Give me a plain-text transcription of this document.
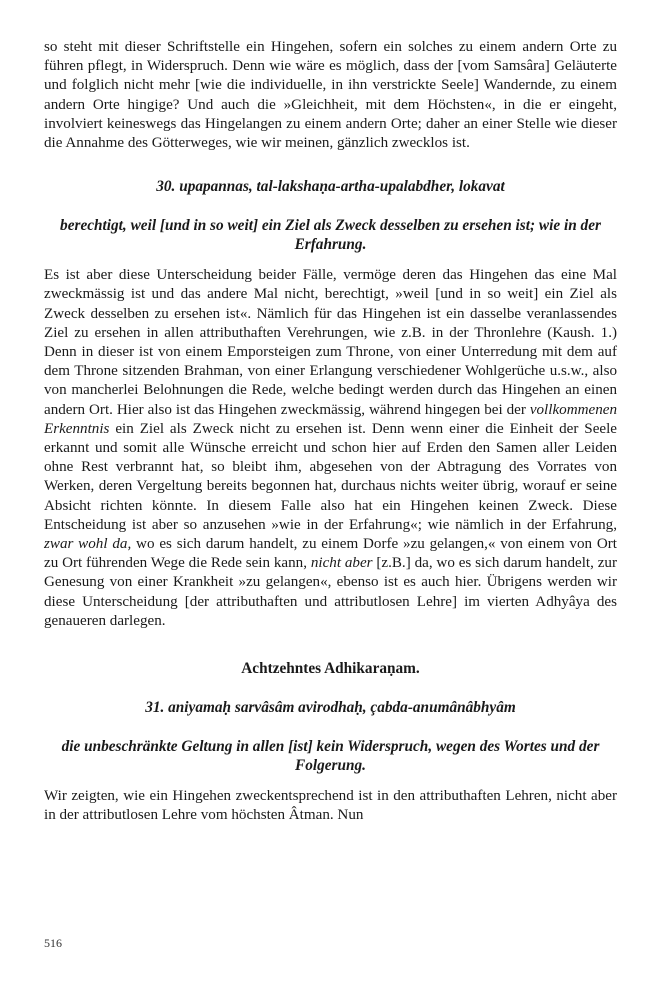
so steht mit dieser Schriftstelle ein Hingehen, sofern ein solches zu einem andern Orte zu führen pflegt, in Widerspruch. Denn wie wäre es möglich, dass der [vom Samsâra] Geläuterte und folglich nicht mehr [wie die individuelle, in ihn verstrickte Seele] Wandernde, zu einem andern Orte hingige? Und auch die »Gleichheit, mit dem Höchsten«, in die er eingeht, involviert keineswegs das Hingelangen zu einem andern Orte; daher an einer Stelle wie dieser die Annahme des Götterweges, wie wir meinen, gänzlich zwecklos ist.

30. upapannas, tal-lakshaṇa-artha-upalabdher, lokavat

berechtigt, weil [und in so weit] ein Ziel als Zweck desselben zu ersehen ist; wie in der Erfahrung.

Es ist aber diese Unterscheidung beider Fälle, vermöge deren das Hingehen das eine Mal zweckmässig ist und das andere Mal nicht, berechtigt, »weil [und in so weit] ein Ziel als Zweck desselben zu ersehen ist«. Nämlich für das Hingehen ist ein dasselbe veranlassendes Ziel zu ersehen in allen attributhaften Verehrungen, wie z.B. in der Thronlehre (Kaush. 1.) Denn in dieser ist von einem Emporsteigen zum Throne, von einer Unterredung mit dem auf dem Throne sitzenden Brahman, von einer Erlangung verschiedener Wohlgerüche u.s.w., also von mancherlei Belohnungen die Rede, welche bedingt werden durch das Hingehen an einen andern Ort. Hier also ist das Hingehen zweckmässig, während hingegen bei der vollkommenen Erkenntnis ein Ziel als Zweck nicht zu ersehen ist. Denn wenn einer die Einheit der Seele erkannt und somit alle Wünsche erreicht und schon hier auf Erden den Samen aller Leiden ohne Rest verbrannt hat, so bleibt ihm, abgesehen von der Abtragung des Vorrates von Werken, deren Vergeltung bereits begonnen hat, durchaus nichts weiter übrig, worauf er seine Absicht richten könnte. In diesem Falle also hat ein Hingehen keinen Zweck. Diese Entscheidung ist aber so anzusehen »wie in der Erfahrung«; wie nämlich in der Erfahrung, zwar wohl da, wo es sich darum handelt, zu einem Dorfe »zu gelangen,« von einem von Ort zu Ort führenden Wege die Rede sein kann, nicht aber [z.B.] da, wo es sich darum handelt, zur Genesung von einer Krankheit »zu gelangen«, ebenso ist es auch hier. Übrigens werden wir diese Unterscheidung [der attributhaften und attributlosen Lehre] im vierten Adhyâya des genaueren darlegen.

Achtzehntes Adhikaraṇam.

31. aniyamaḥ sarvâsâm avirodhaḥ, çabda-anumânâbhyâm

die unbeschränkte Geltung in allen [ist] kein Widerspruch, wegen des Wortes und der Folgerung.

Wir zeigten, wie ein Hingehen zweckentsprechend ist in den attributhaften Lehren, nicht aber in der attributlosen Lehre vom höchsten Âtman. Nun

516
